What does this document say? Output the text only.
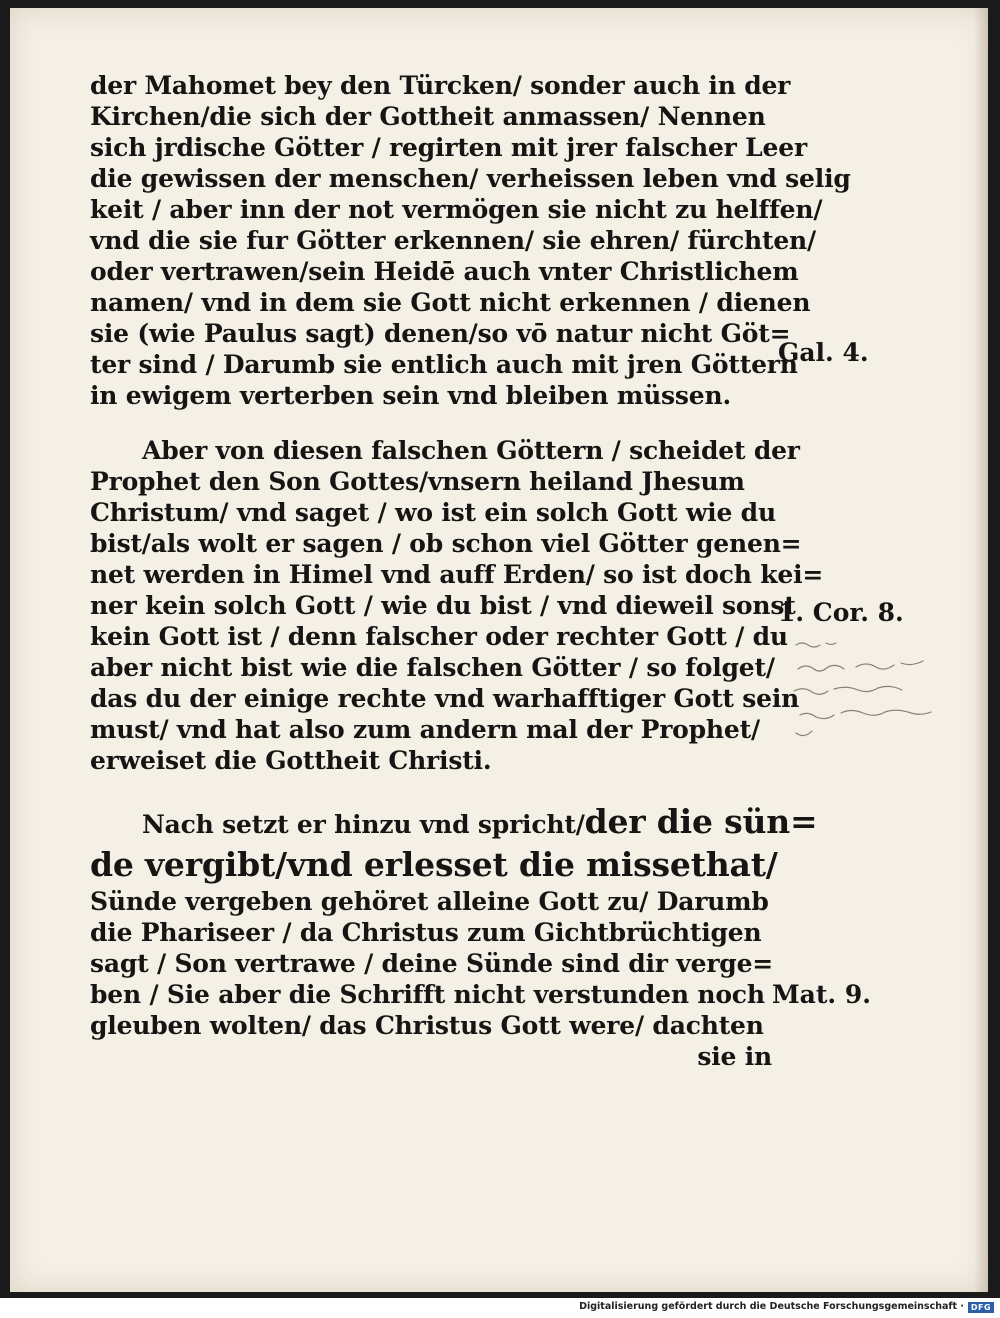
der Mahomet bey den Türcken/ sonder auch in der
Kirchen/die sich der Gottheit anmassen/ Nennen
sich jrdische Götter / regirten mit jrer falscher Leer
die gewissen der menschen/ verheissen leben vnd selig
keit / aber inn der not vermögen sie nicht zu helffen/
vnd die sie fur Götter erkennen/ sie ehren/ fürchten/
oder vertrawen/sein Heidē auch vnter Christlichem
namen/ vnd in dem sie Gott nicht erkennen / dienen
sie (wie Paulus sagt) denen/so vō natur nicht Göt=
ter sind / Darumb sie entlich auch mit jren Göttern
in ewigem verterben sein vnd bleiben müssen.
Aber von diesen falschen Göttern / scheidet der
Prophet den Son Gottes/vnsern heiland Jhesum
Christum/ vnd saget / wo ist ein solch Gott wie du
bist/als wolt er sagen / ob schon viel Götter genen=
net werden in Himel vnd auff Erden/ so ist doch kei=
ner kein solch Gott / wie du bist / vnd dieweil sonst
kein Gott ist / denn falscher oder rechter Gott / du
aber nicht bist wie die falschen Götter / so folget/
das du der einige rechte vnd warhafftiger Gott sein
must/ vnd hat also zum andern mal der Prophet/
erweiset die Gottheit Christi.
Nach setzt er hinzu vnd spricht/der die sün=
de vergibt/vnd erlesset die missethat/
Sünde vergeben gehöret alleine Gott zu/ Darumb
die Phariseer / da Christus zum Gichtbrüchtigen
sagt / Son vertrawe / deine Sünde sind dir verge=
ben / Sie aber die Schrifft nicht verstunden noch
gleuben wolten/ das Christus Gott were/ dachten
sie in
Gal. 4.
1. Cor. 8.
Mat. 9.
Digitalisierung gefördert durch die Deutsche Forschungsgemeinschaft · DFG
